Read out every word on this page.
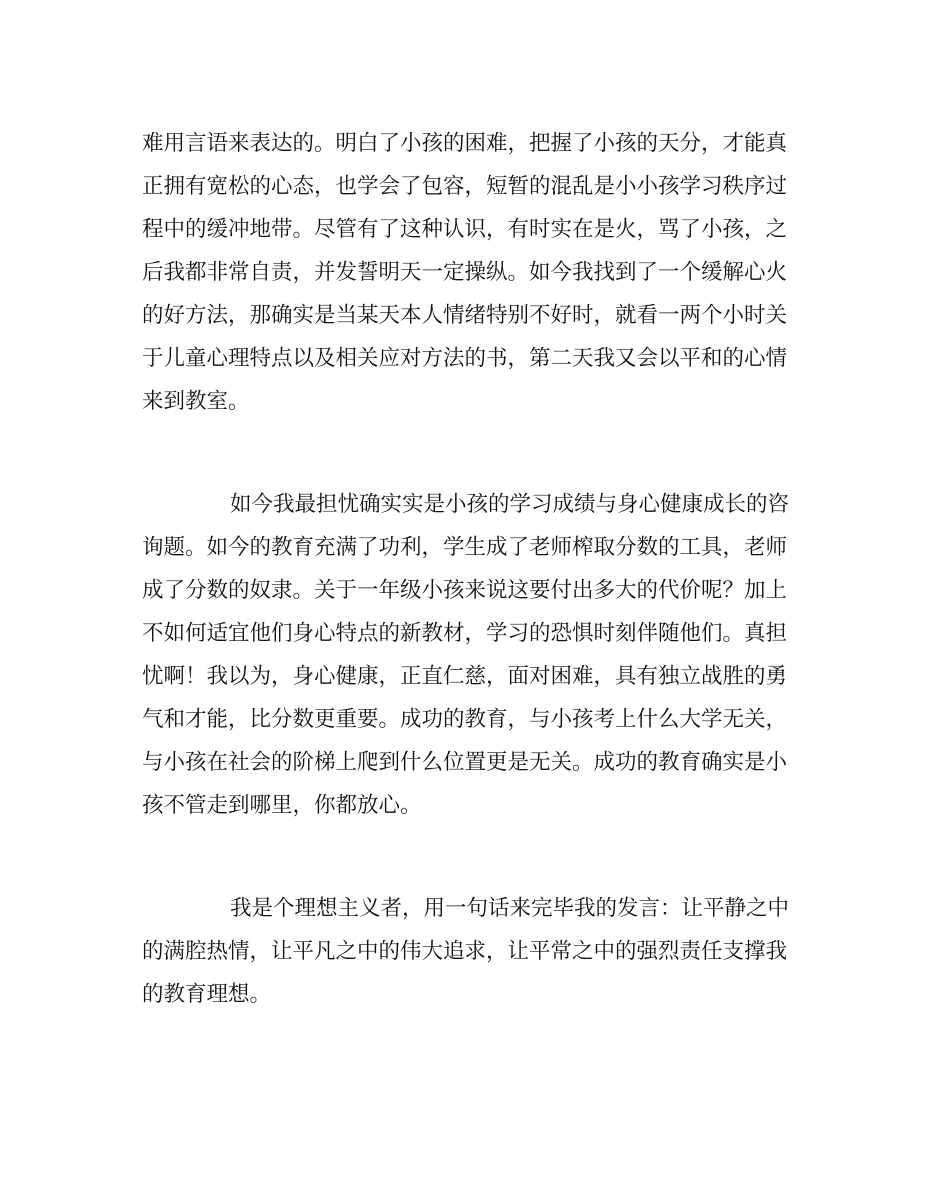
难用言语来表达的。明白了小孩的困难，把握了小孩的天分，才能真
正拥有宽松的心态，也学会了包容，短暂的混乱是小小孩学习秩序过
程中的缓冲地带。尽管有了这种认识，有时实在是火，骂了小孩，之
后我都非常自责，并发誓明天一定操纵。如今我找到了一个缓解心火
的好方法，那确实是当某天本人情绪特别不好时，就看一两个小时关
于儿童心理特点以及相关应对方法的书，第二天我又会以平和的心情
来到教室。
如今我最担忧确实实是小孩的学习成绩与身心健康成长的咨
询题。如今的教育充满了功利，学生成了老师榨取分数的工具，老师
成了分数的奴隶。关于一年级小孩来说这要付出多大的代价呢？加上
不如何适宜他们身心特点的新教材，学习的恐惧时刻伴随他们。真担
忧啊！我以为，身心健康，正直仁慈，面对困难，具有独立战胜的勇
气和才能，比分数更重要。成功的教育，与小孩考上什么大学无关，
与小孩在社会的阶梯上爬到什么位置更是无关。成功的教育确实是小
孩不管走到哪里，你都放心。
我是个理想主义者，用一句话来完毕我的发言：让平静之中
的满腔热情，让平凡之中的伟大追求，让平常之中的强烈责任支撑我
的教育理想。
